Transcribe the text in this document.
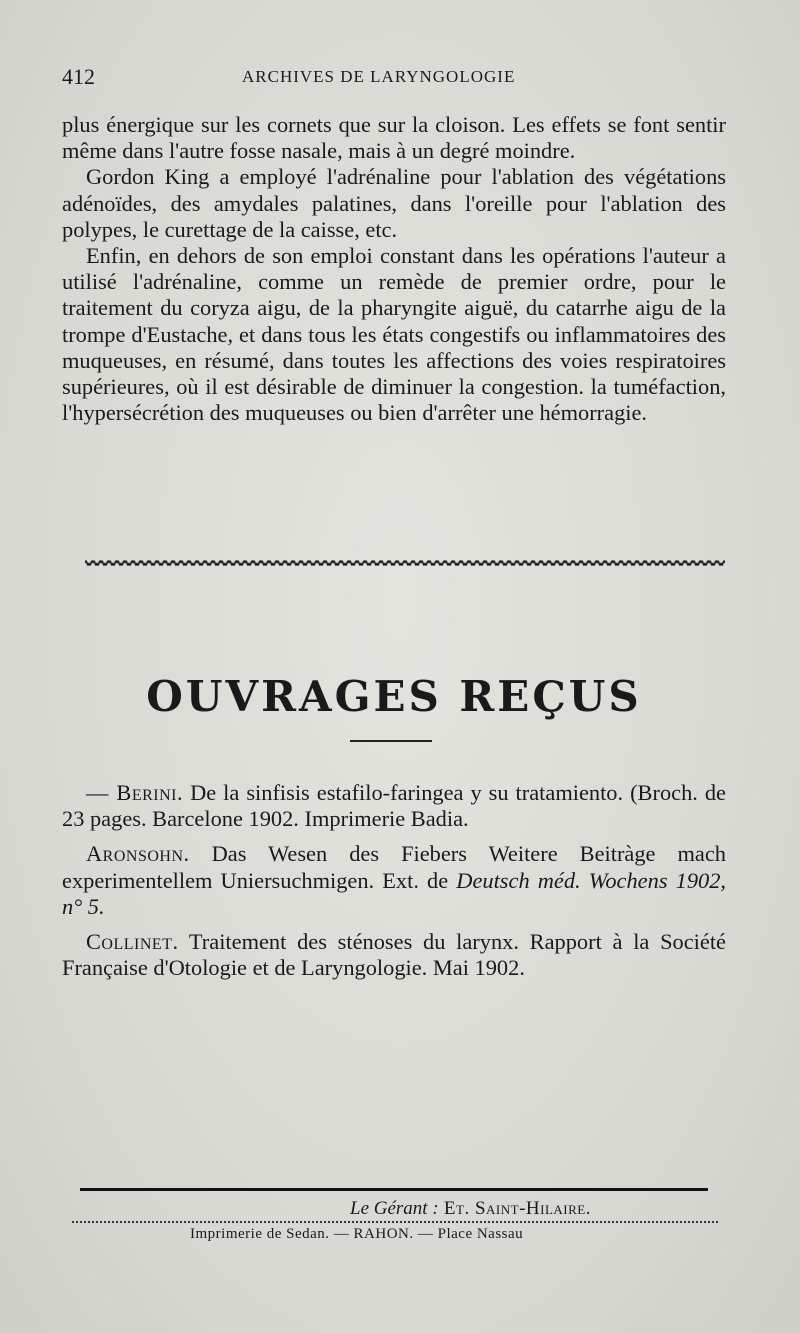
412	ARCHIVES DE LARYNGOLOGIE

plus énergique sur les cornets que sur la cloison. Les effets se font sentir même dans l'autre fosse nasale, mais à un degré moindre.

Gordon King a employé l'adrénaline pour l'ablation des végétations adénoïdes, des amydales palatines, dans l'oreille pour l'ablation des polypes, le curettage de la caisse, etc.

Enfin, en dehors de son emploi constant dans les opérations l'auteur a utilisé l'adrénaline, comme un remède de premier ordre, pour le traitement du coryza aigu, de la pharyngite aiguë, du catarrhe aigu de la trompe d'Eustache, et dans tous les états congestifs ou inflammatoires des muqueuses, en résumé, dans toutes les affections des voies respiratoires supérieures, où il est désirable de diminuer la congestion. la tuméfaction, l'hypersécrétion des muqueuses ou bien d'arrêter une hémorragie.

OUVRAGES REÇUS

— Berini. De la sinfisis estafilo-faringea y su tratamiento. (Broch. de 23 pages. Barcelone 1902. Imprimerie Badia.

Aronsohn. Das Wesen des Fiebers Weitere Beitràge mach experimentellem Uniersuchmigen. Ext. de Deutsch méd. Wochens 1902, n° 5.

Collinet. Traitement des sténoses du larynx. Rapport à la Société Française d'Otologie et de Laryngologie. Mai 1902.

Le Gérant : Et. Saint-Hilaire.
Imprimerie de Sedan. — RAHON. — Place Nassau
